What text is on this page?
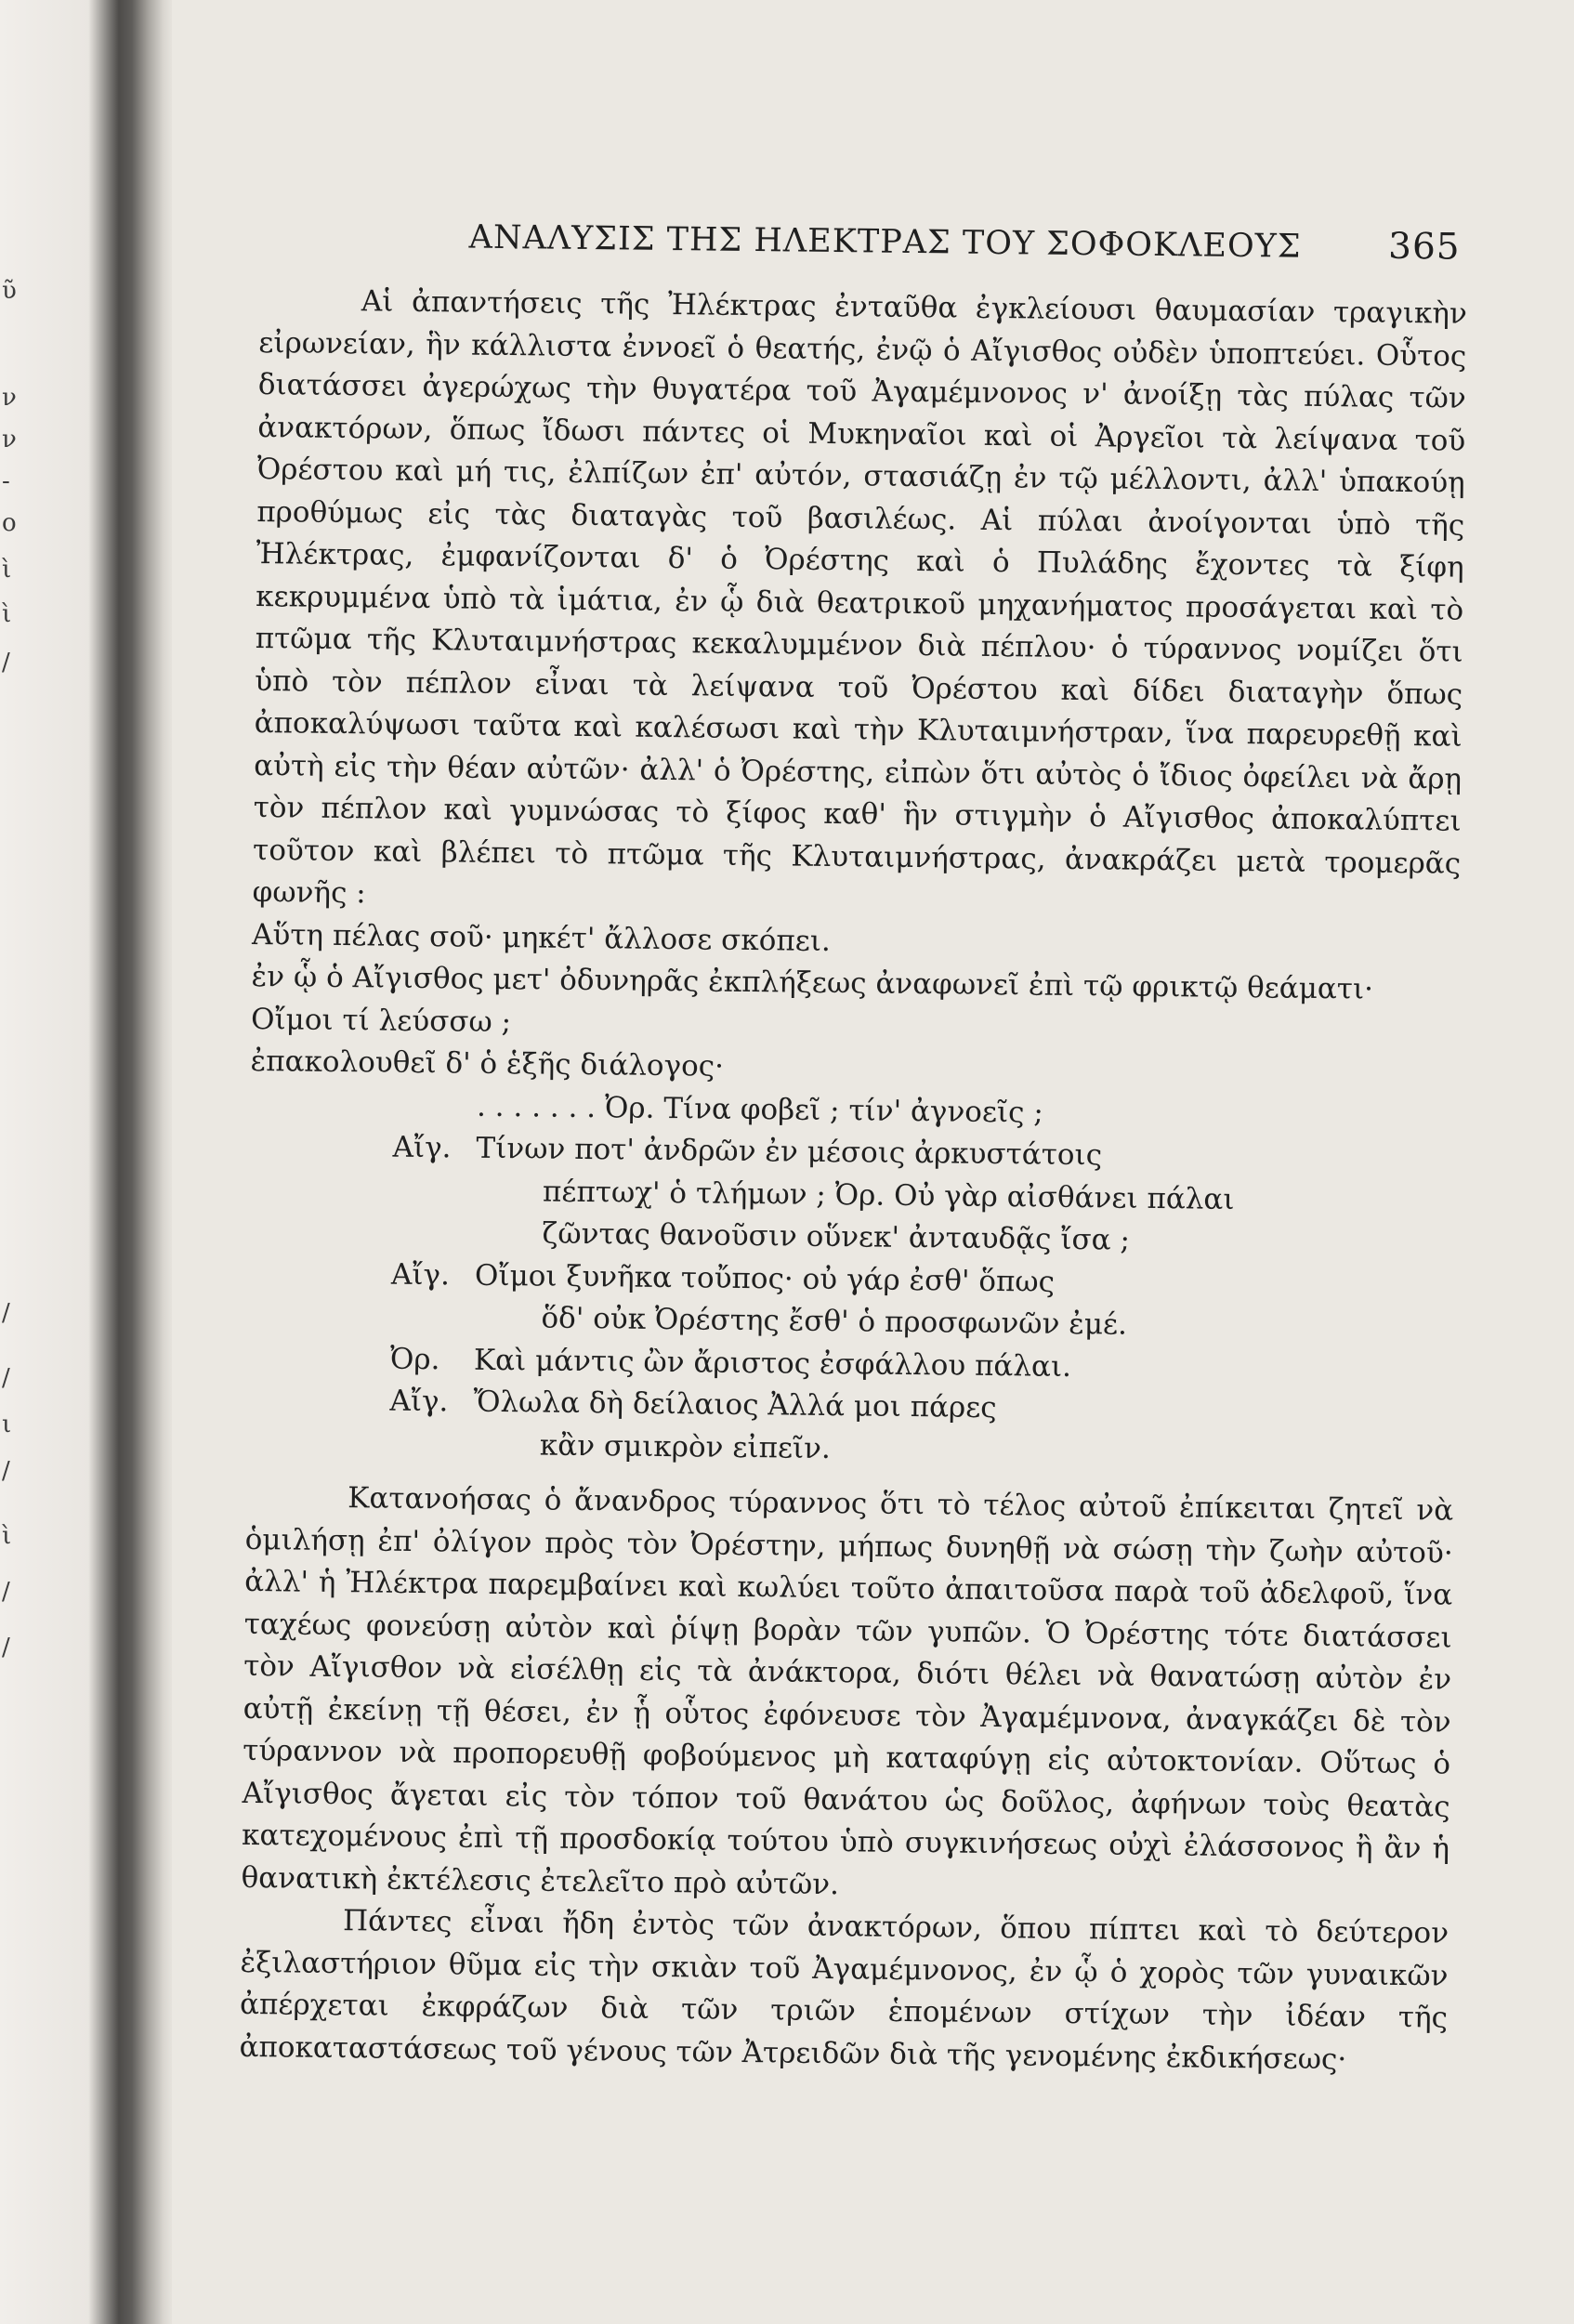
ῦ
ν
ν
-
ο
ὶ
ὶ
/
/
/
ι
/
ὶ
/
/
ΑΝΑΛΥΣΙΣ ΤΗΣ ΗΛΕΚΤΡΑΣ ΤΟΥ ΣΟΦΟΚΛΕΟΥΣ 365

Αἱ ἀπαντήσεις τῆς Ἠλέκτρας ἐνταῦθα ἐγκλείουσι θαυμασίαν τραγικὴν εἰρωνείαν, ἣν κάλλιστα ἐννοεῖ ὁ θεατής, ἐνῷ ὁ Αἴγισθος οὐδὲν ὑποπτεύει. Οὗτος διατάσσει ἀγερώχως τὴν θυγατέρα τοῦ Ἀγαμέμνονος ν' ἀνοίξῃ τὰς πύλας τῶν ἀνακτόρων, ὅπως ἴδωσι πάντες οἱ Μυκηναῖοι καὶ οἱ Ἀργεῖοι τὰ λείψανα τοῦ Ὀρέστου καὶ μή τις, ἐλπίζων ἐπ' αὐτόν, στασιάζῃ ἐν τῷ μέλλοντι, ἀλλ' ὑπακούῃ προθύμως εἰς τὰς διαταγὰς τοῦ βασιλέως. Αἱ πύλαι ἀνοίγονται ὑπὸ τῆς Ἠλέκτρας, ἐμφανίζονται δ' ὁ Ὀρέστης καὶ ὁ Πυλάδης ἔχοντες τὰ ξίφη κεκρυμμένα ὑπὸ τὰ ἱμάτια, ἐν ᾧ διὰ θεατρικοῦ μηχανήματος προσάγεται καὶ τὸ πτῶμα τῆς Κλυταιμνήστρας κεκαλυμμένον διὰ πέπλου· ὁ τύραννος νομίζει ὅτι ὑπὸ τὸν πέπλον εἶναι τὰ λείψανα τοῦ Ὀρέστου καὶ δίδει διαταγὴν ὅπως ἀποκαλύψωσι ταῦτα καὶ καλέσωσι καὶ τὴν Κλυταιμνήστραν, ἵνα παρευρεθῇ καὶ αὐτὴ εἰς τὴν θέαν αὐτῶν· ἀλλ' ὁ Ὀρέστης, εἰπὼν ὅτι αὐτὸς ὁ ἴδιος ὀφείλει νὰ ἄρῃ τὸν πέπλον καὶ γυμνώσας τὸ ξίφος καθ' ἣν στιγμὴν ὁ Αἴγισθος ἀποκαλύπτει τοῦτον καὶ βλέπει τὸ πτῶμα τῆς Κλυταιμνήστρας, ἀνακράζει μετὰ τρομερᾶς φωνῆς :

Αὕτη πέλας σοῦ· μηκέτ' ἄλλοσε σκόπει.

ἐν ᾧ ὁ Αἴγισθος μετ' ὀδυνηρᾶς ἐκπλήξεως ἀναφωνεῖ ἐπὶ τῷ φρικτῷ θεάματι·

Οἴμοι τί λεύσσω ;

ἐπακολουθεῖ δ' ὁ ἑξῆς διάλογος·

. . . . . . . Ὀρ. Τίνα φοβεῖ ; τίν' ἀγνοεῖς ;
Αἴγ. Τίνων ποτ' ἀνδρῶν ἐν μέσοις ἀρκυστάτοις
πέπτωχ' ὁ τλήμων ; Ὀρ. Οὐ γὰρ αἰσθάνει πάλαι
ζῶντας θανοῦσιν οὕνεκ' ἀνταυδᾷς ἴσα ;
Αἴγ. Οἴμοι ξυνῆκα τοὔπος· οὐ γάρ ἐσθ' ὅπως
ὅδ' οὐκ Ὀρέστης ἔσθ' ὁ προσφωνῶν ἐμέ.
Ὀρ.	Καὶ μάντις ὢν ἄριστος ἐσφάλλου πάλαι.
Αἴγ. Ὄλωλα δὴ δείλαιος Ἀλλά μοι πάρες
κἂν σμικρὸν εἰπεῖν.

Κατανοήσας ὁ ἄνανδρος τύραννος ὅτι τὸ τέλος αὐτοῦ ἐπίκειται ζητεῖ νὰ ὁμιλήσῃ ἐπ' ὀλίγον πρὸς τὸν Ὀρέστην, μήπως δυνηθῇ νὰ σώσῃ τὴν ζωὴν αὐτοῦ· ἀλλ' ἡ Ἠλέκτρα παρεμβαίνει καὶ κωλύει τοῦτο ἀπαιτοῦσα παρὰ τοῦ ἀδελφοῦ, ἵνα ταχέως φονεύσῃ αὐτὸν καὶ ῥίψῃ βορὰν τῶν γυπῶν. Ὁ Ὀρέστης τότε διατάσσει τὸν Αἴγισθον νὰ εἰσέλθῃ εἰς τὰ ἀνάκτορα, διότι θέλει νὰ θανατώσῃ αὐτὸν ἐν αὐτῇ ἐκείνῃ τῇ θέσει, ἐν ᾗ οὗτος ἐφόνευσε τὸν Ἀγαμέμνονα, ἀναγκάζει δὲ τὸν τύραννον νὰ προπορευθῇ φοβούμενος μὴ καταφύγῃ εἰς αὐτοκτονίαν. Οὕτως ὁ Αἴγισθος ἄγεται εἰς τὸν τόπον τοῦ θανάτου ὡς δοῦλος, ἀφήνων τοὺς θεατὰς κατεχομένους ἐπὶ τῇ προσδοκίᾳ τούτου ὑπὸ συγκινήσεως οὐχὶ ἐλάσσονος ἢ ἂν ἡ θανατικὴ ἐκτέλεσις ἐτελεῖτο πρὸ αὐτῶν.

Πάντες εἶναι ἤδη ἐντὸς τῶν ἀνακτόρων, ὅπου πίπτει καὶ τὸ δεύτερον ἐξιλαστήριον θῦμα εἰς τὴν σκιὰν τοῦ Ἀγαμέμνονος, ἐν ᾧ ὁ χορὸς τῶν γυναικῶν ἀπέρχεται ἐκφράζων διὰ τῶν τριῶν ἑπομένων στίχων τὴν ἰδέαν τῆς ἀποκαταστάσεως τοῦ γένους τῶν Ἀτρειδῶν διὰ τῆς γενομένης ἐκδικήσεως·
